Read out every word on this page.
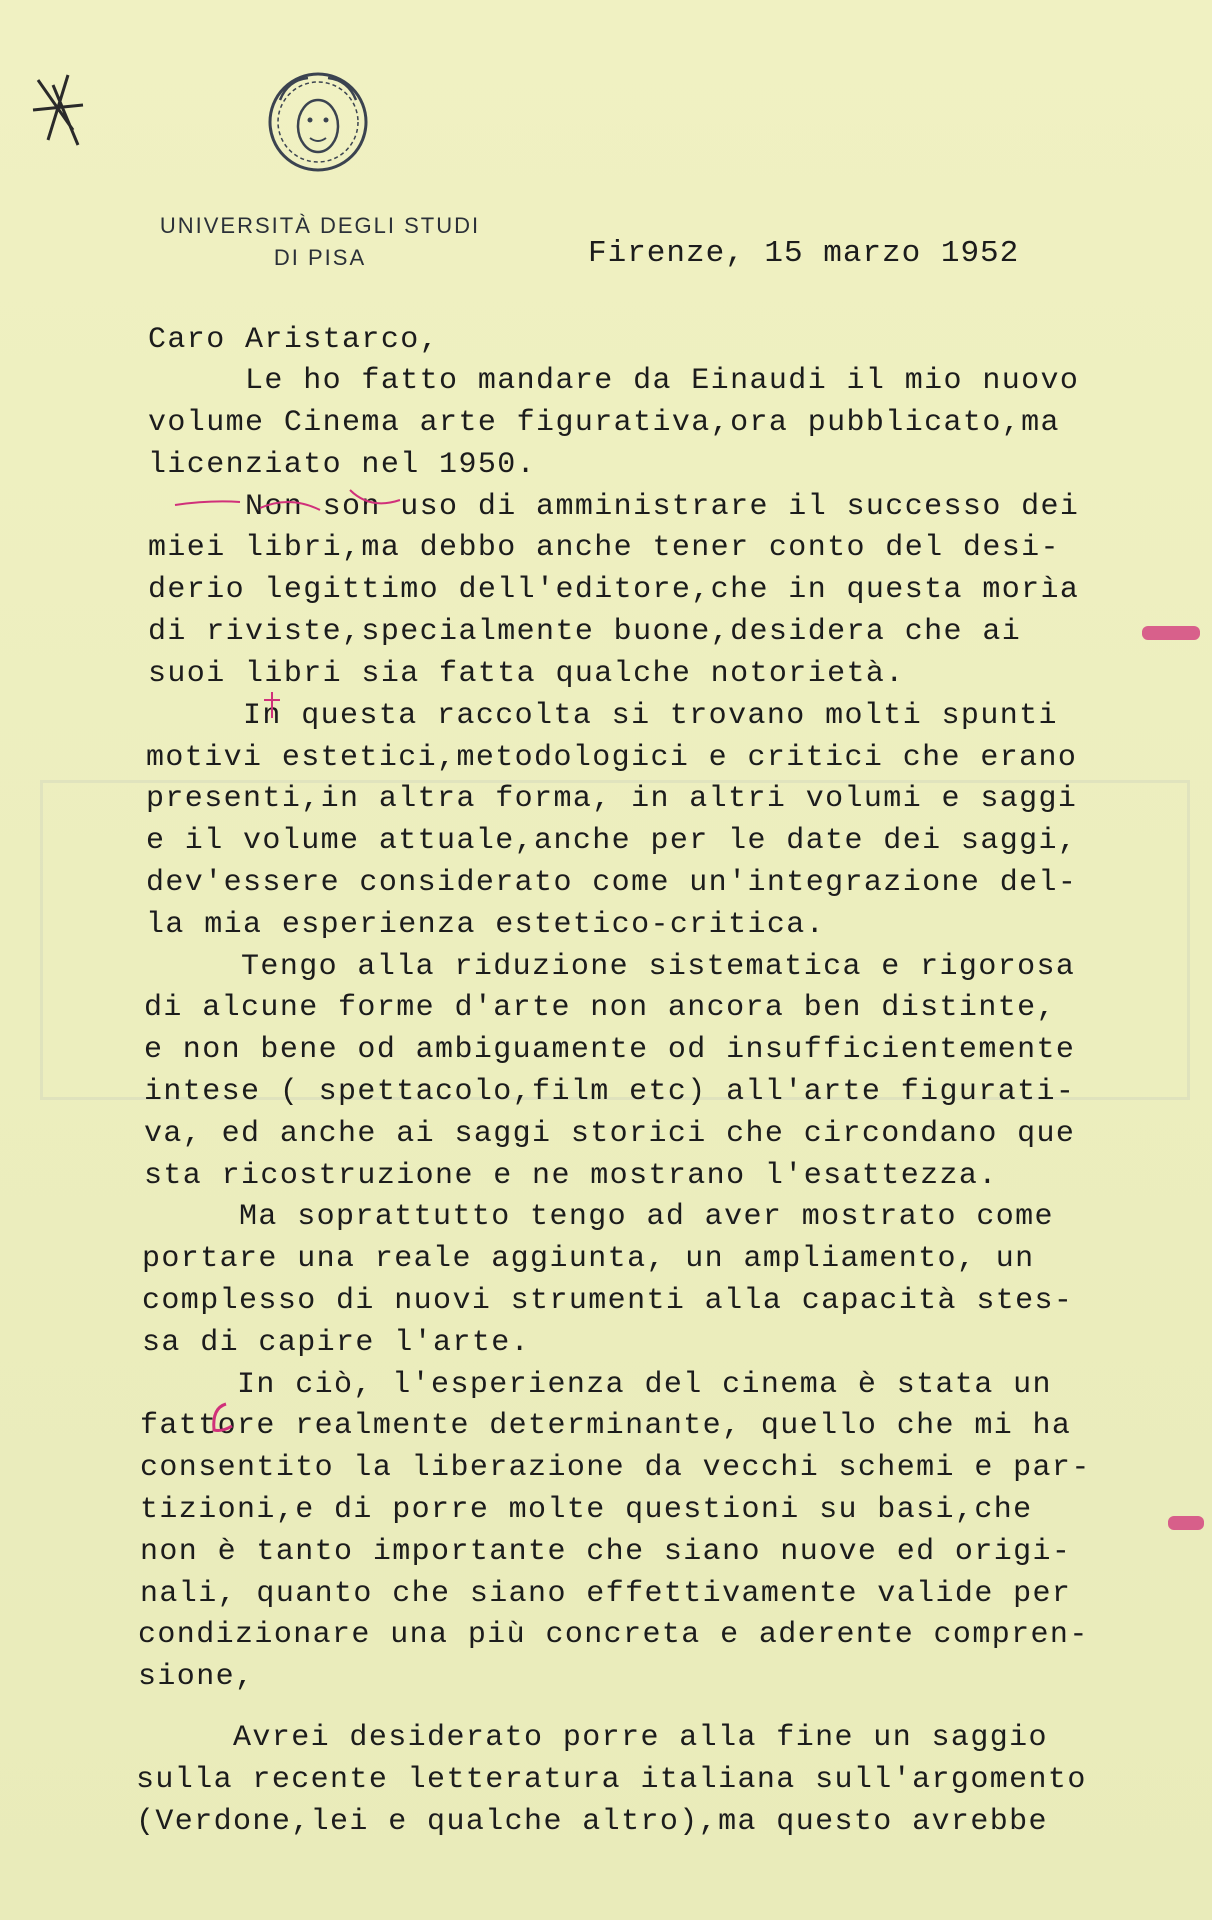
UNIVERSITÀ DEGLI STUDI
DI PISA	Firenze, 15 marzo 1952
Caro Aristarco,
Le ho fatto mandare da Einaudi il mio nuovo
volume Cinema arte figurativa,ora pubblicato,ma
licenziato nel 1950.
Non son uso di amministrare il successo dei
miei libri,ma debbo anche tener conto del desi-
derio legittimo dell'editore,che in questa morìa
di riviste,specialmente buone,desidera che ai
suoi libri sia fatta qualche notorietà.
In questa raccolta si trovano molti spunti
motivi estetici,metodologici e critici che erano
presenti,in altra forma, in altri volumi e saggi
e il volume attuale,anche per le date dei saggi,
dev'essere considerato come un'integrazione del-
la mia esperienza estetico-critica.
Tengo alla riduzione sistematica e rigorosa
di alcune forme d'arte non ancora ben distinte,
e non bene od ambiguamente od insufficientemente
intese ( spettacolo,film etc) all'arte figurati-
va, ed anche ai saggi storici che circondano que
sta ricostruzione e ne mostrano l'esattezza.
Ma soprattutto tengo ad aver mostrato come
portare una reale aggiunta, un ampliamento, un
complesso di nuovi strumenti alla capacità stes-
sa di capire l'arte.
In ciò, l'esperienza del cinema è stata un
fattore realmente determinante, quello che mi ha
consentito la liberazione da vecchi schemi e par-
tizioni,e di porre molte questioni su basi,che
non è tanto importante che siano nuove ed origi-
nali, quanto che siano effettivamente valide per
condizionare una più concreta e aderente compren-
sione,
Avrei desiderato porre alla fine un saggio
sulla recente letteratura italiana sull'argomento
(Verdone,lei e qualche altro),ma questo avrebbe
